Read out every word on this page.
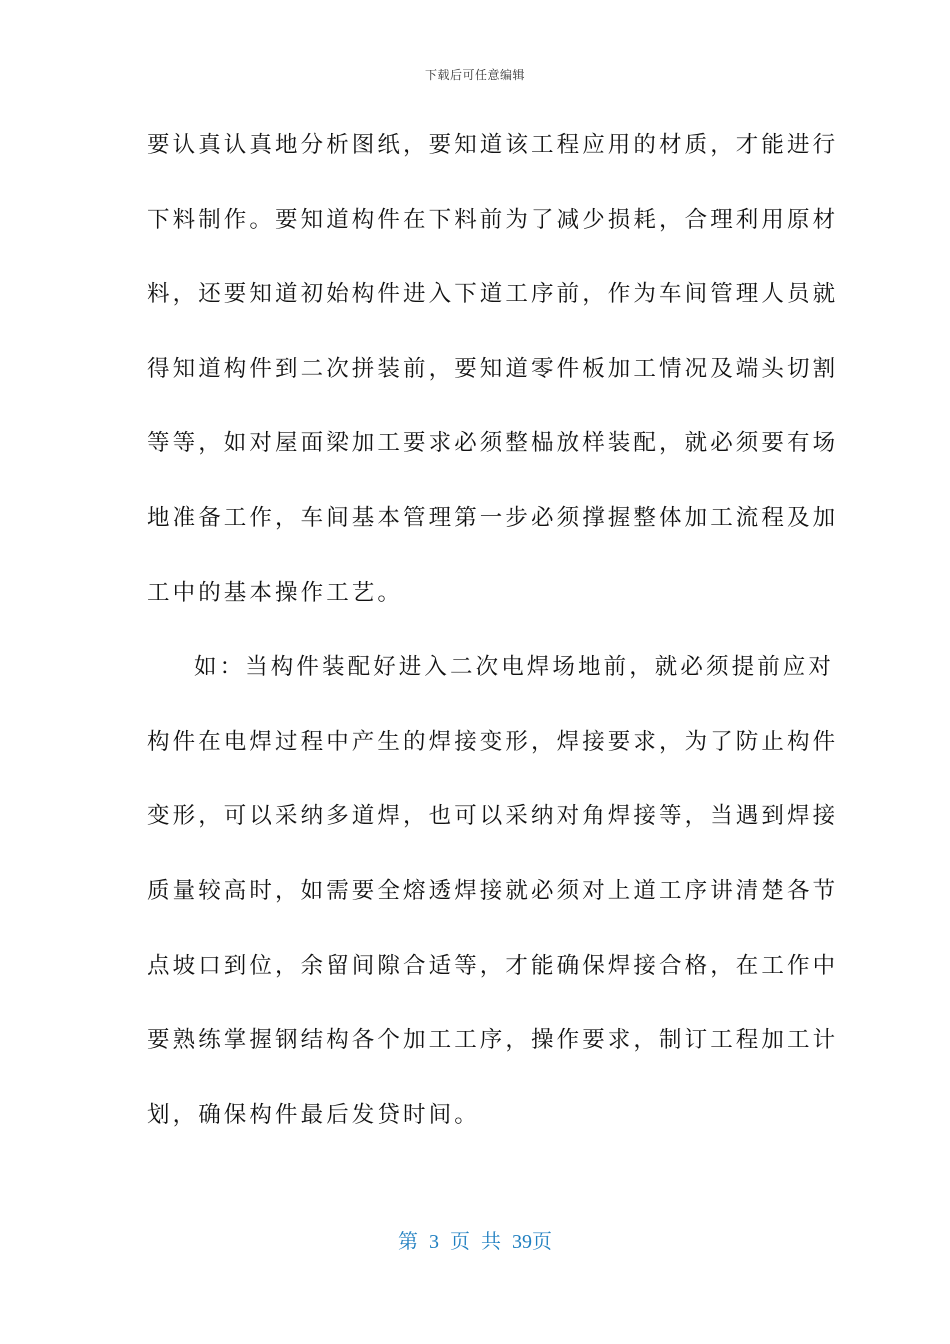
下载后可任意编辑
要认真认真地分析图纸，要知道该工程应用的材质，才能进行
下料制作。要知道构件在下料前为了减少损耗，合理利用原材
料，还要知道初始构件进入下道工序前，作为车间管理人员就
得知道构件到二次拼装前，要知道零件板加工情况及端头切割
等等，如对屋面梁加工要求必须整榀放样装配，就必须要有场
地准备工作，车间基本管理第一步必须撑握整体加工流程及加
工中的基本操作工艺。
如：当构件装配好进入二次电焊场地前，就必须提前应对
构件在电焊过程中产生的焊接变形，焊接要求，为了防止构件
变形，可以采纳多道焊，也可以采纳对角焊接等，当遇到焊接
质量较高时，如需要全熔透焊接就必须对上道工序讲清楚各节
点坡口到位，余留间隙合适等，才能确保焊接合格，在工作中
要熟练掌握钢结构各个加工工序，操作要求，制订工程加工计
划，确保构件最后发贷时间。
第 3 页 共 39页
